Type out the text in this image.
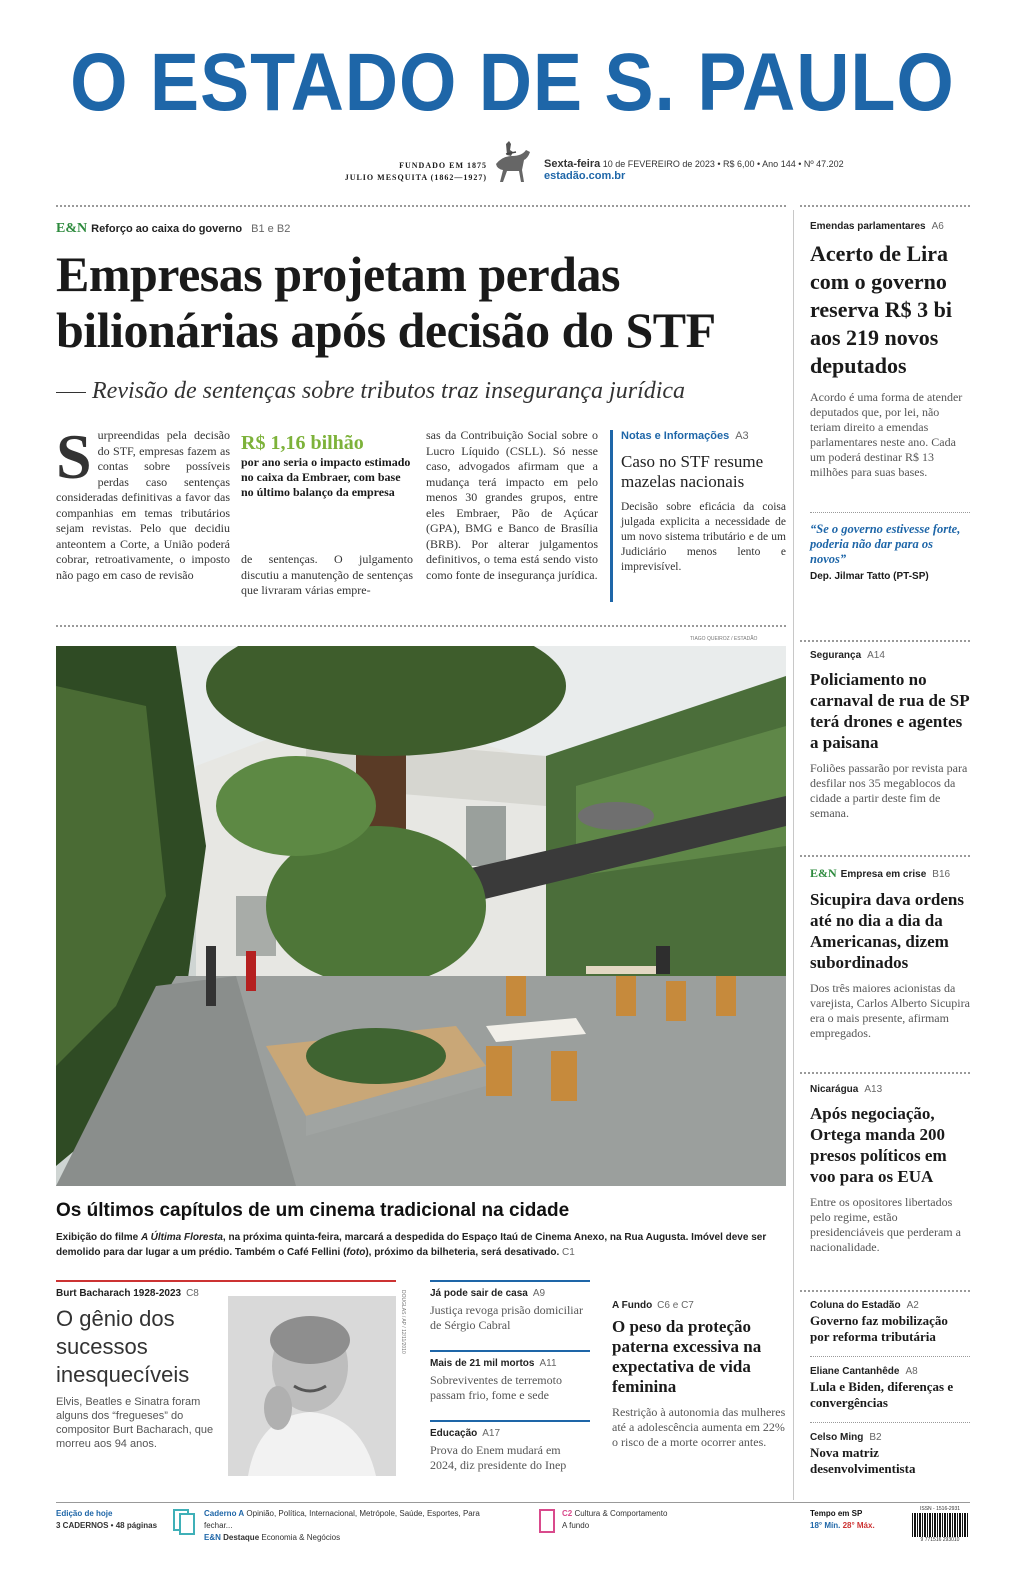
O ESTADO DE S. PAULO
FUNDADO EM 1875
JULIO MESQUITA (1862—1927)
Sexta-feira 10 de FEVEREIRO de 2023 • R$ 6,00 • Ano 144 • Nº 47.202
estadão.com.br
E&N Reforço ao caixa do governo B1 e B2
Empresas projetam perdas
bilionárias após decisão do STF
Revisão de sentenças sobre tributos traz insegurança jurídica
Surpreendidas pela decisão do STF, empresas fazem as contas sobre possíveis perdas caso sentenças consideradas definitivas a favor das companhias em temas tributários sejam revistas. Pelo que decidiu anteontem a Corte, a União poderá cobrar, retroativamente, o imposto não pago em caso de revisão
R$ 1,16 bilhão
por ano seria o impacto estimado no caixa da Embraer, com base no último balanço da empresa
de sentenças. O julgamento discutiu a manutenção de sentenças que livraram várias empre-
sas da Contribuição Social sobre o Lucro Líquido (CSLL). Só nesse caso, advogados afirmam que a mudança terá impacto em pelo menos 30 grandes grupos, entre eles Embraer, Pão de Açúcar (GPA), BMG e Banco de Brasília (BRB). Por alterar julgamentos definitivos, o tema está sendo visto como fonte de insegurança jurídica.
Notas e Informações A3
Caso no STF resume mazelas nacionais
Decisão sobre eficácia da coisa julgada explicita a necessidade de um novo sistema tributário e de um Judiciário menos lento e imprevisível.
Emendas parlamentares A6
Acerto de Lira com o governo reserva R$ 3 bi aos 219 novos deputados
Acordo é uma forma de atender deputados que, por lei, não teriam direito a emendas parlamentares neste ano. Cada um poderá destinar R$ 13 milhões para suas bases.
“Se o governo estivesse forte, poderia não dar para os novos”
Dep. Jilmar Tatto (PT-SP)
Segurança A14
Policiamento no carnaval de rua de SP terá drones e agentes a paisana
Foliões passarão por revista para desfilar nos 35 megablocos da cidade a partir deste fim de semana.
E&N Empresa em crise B16
Sicupira dava ordens até no dia a dia da Americanas, dizem subordinados
Dos três maiores acionistas da varejista, Carlos Alberto Sicupira era o mais presente, afirmam empregados.
Nicarágua A13
Após negociação, Ortega manda 200 presos políticos em voo para os EUA
Entre os opositores libertados pelo regime, estão presidenciáveis que perderam a nacionalidade.
Coluna do Estadão A2
Governo faz mobilização por reforma tributária
Eliane Cantanhêde A8
Lula e Biden, diferenças e convergências
Celso Ming B2
Nova matriz desenvolvimentista
TIAGO QUEIROZ / ESTADÃO
Os últimos capítulos de um cinema tradicional na cidade
Exibição do filme A Última Floresta, na próxima quinta-feira, marcará a despedida do Espaço Itaú de Cinema Anexo, na Rua Augusta. Imóvel deve ser demolido para dar lugar a um prédio. Também o Café Fellini (foto), próximo da bilheteria, será desativado. C1
Burt Bacharach 1928-2023 C8
O gênio dos sucessos inesquecíveis
Elvis, Beatles e Sinatra foram alguns dos “fregueses” do compositor Burt Bacharach, que morreu aos 94 anos.
DOUGLAS / AP / 12/11/2010 Já pode sair de casa A9
Justiça revoga prisão domiciliar de Sérgio Cabral
Mais de 21 mil mortos A11
Sobreviventes de terremoto passam frio, fome e sede
Educação A17
Prova do Enem mudará em 2024, diz presidente do Inep
A Fundo C6 e C7
O peso da proteção paterna excessiva na expectativa de vida feminina
Restrição à autonomia das mulheres até a adolescência aumenta em 22% o risco de a morte ocorrer antes.
Edição de hoje
3 CADERNOS • 48 páginas
Caderno A Opinião, Política, Internacional, Metrópole, Saúde, Esportes, Para fechar...
E&N Destaque Economia & Negócios
C2 Cultura & Comportamento
A fundo
Tempo em SP
18° Mín. 28° Máx.
ISSN - 1516-2931
9 771516 293010
